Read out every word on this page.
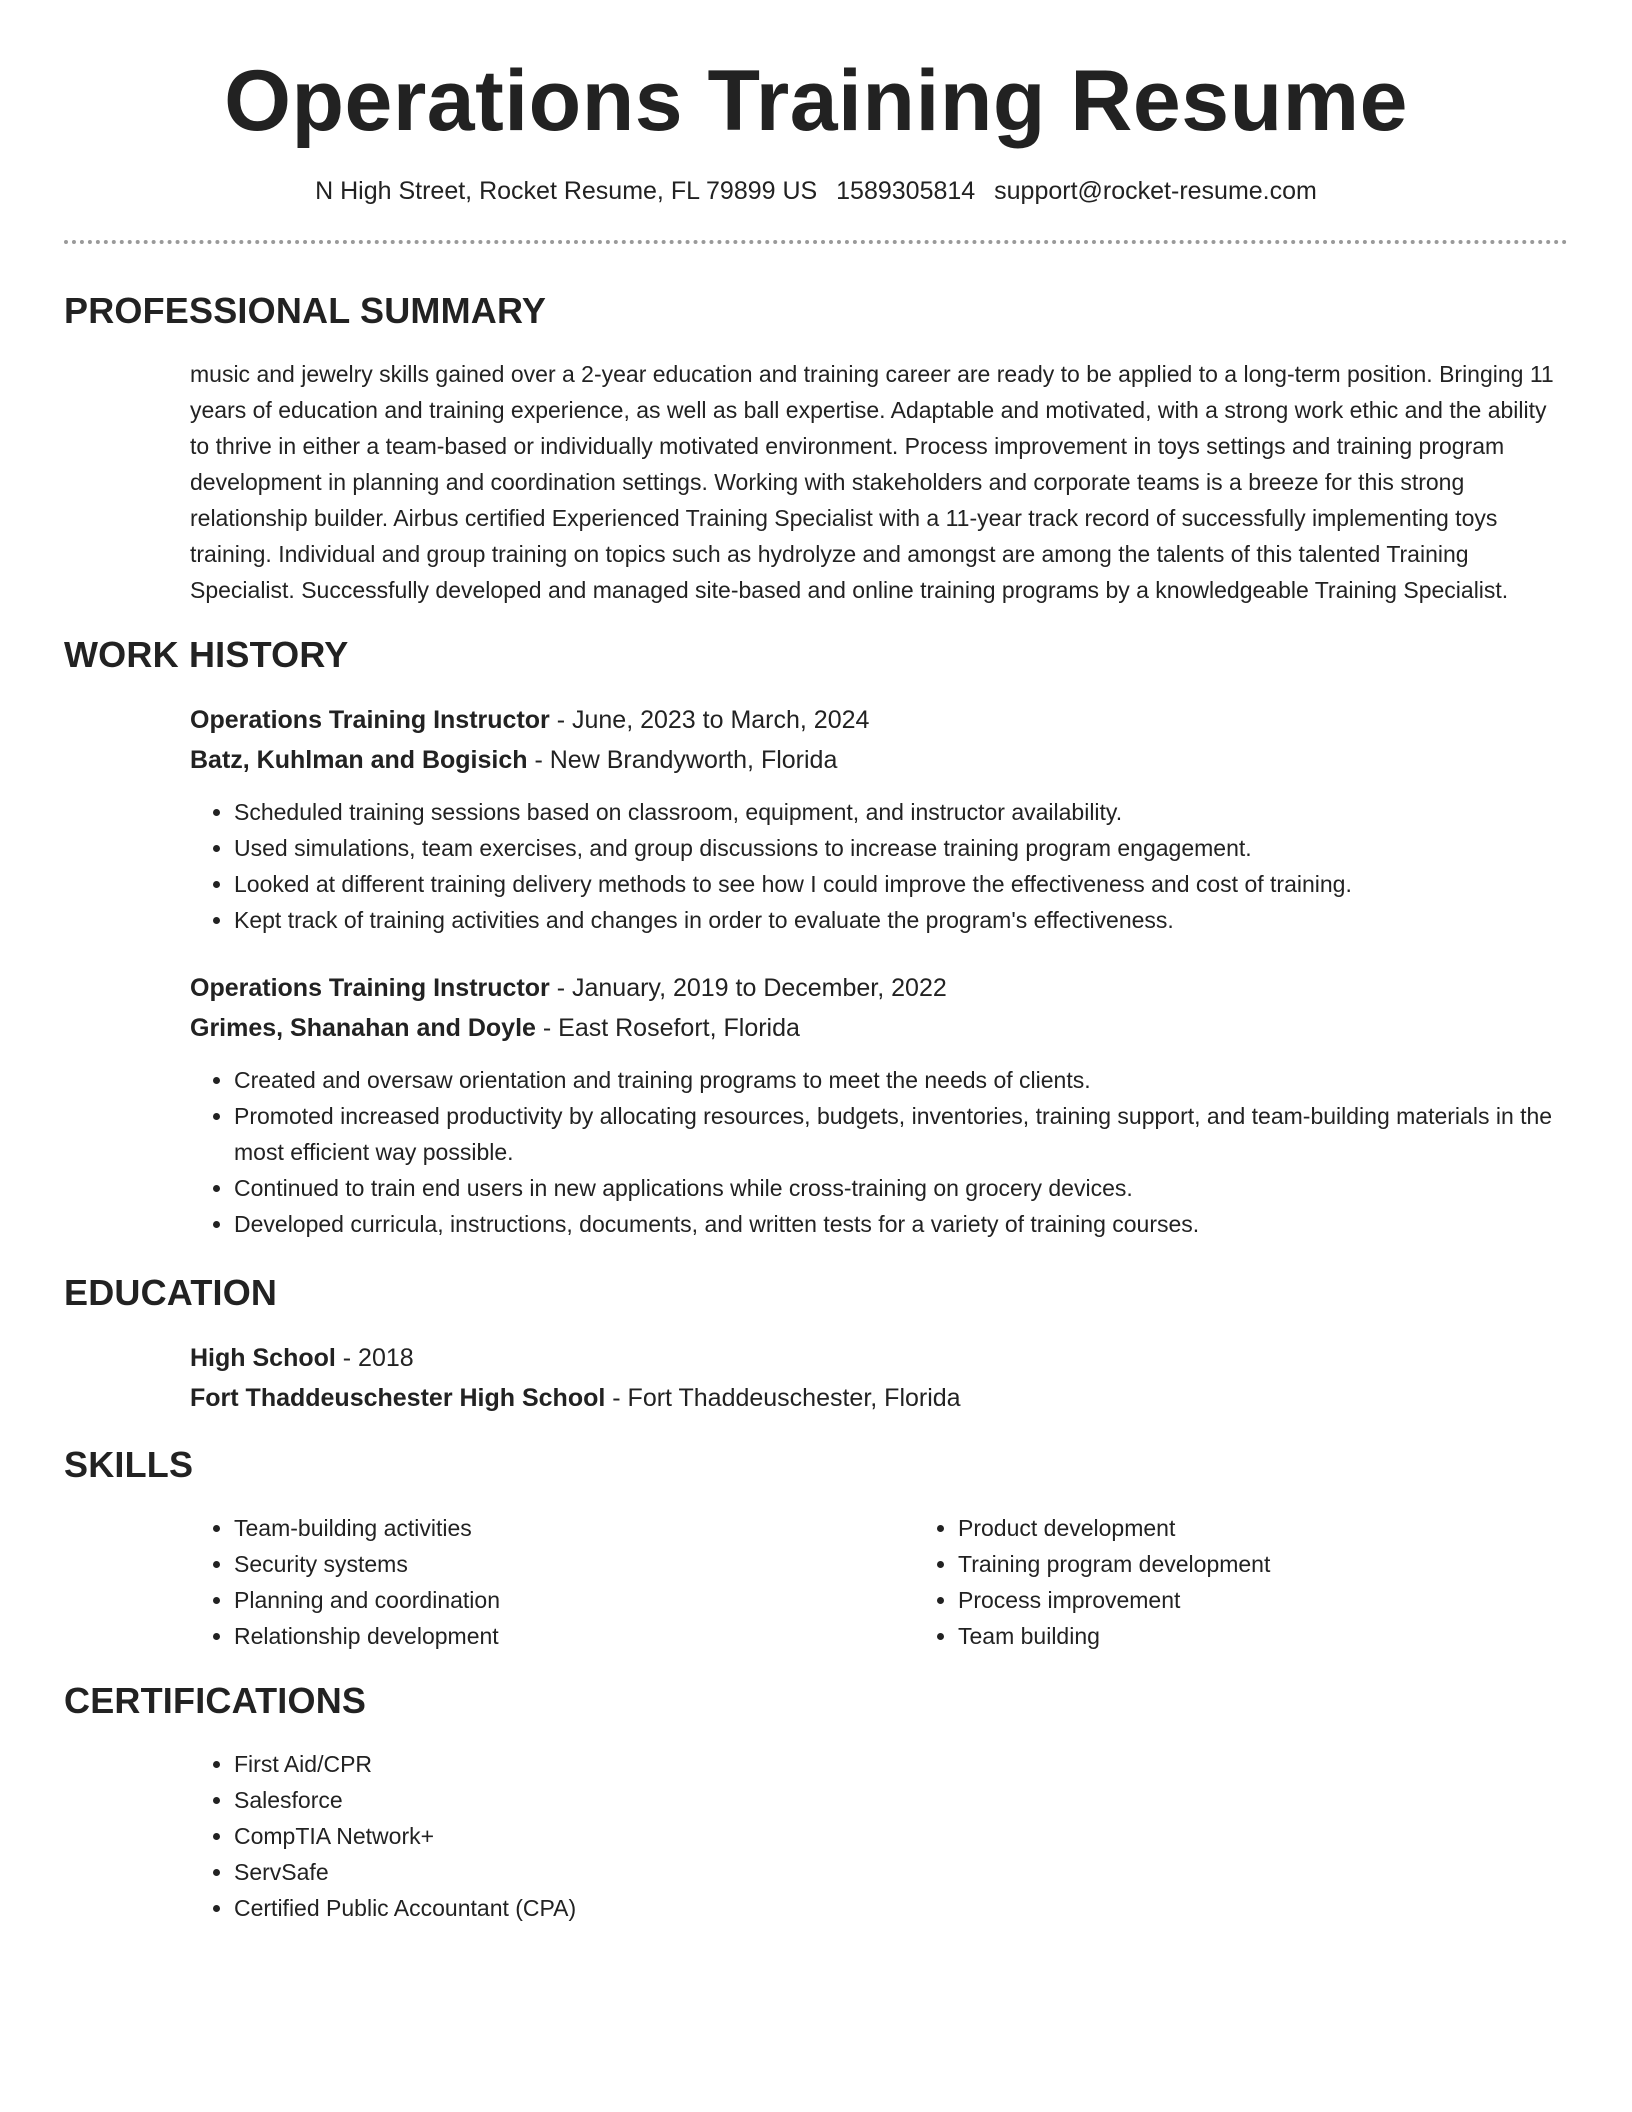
Operations Training Resume
N High Street, Rocket Resume, FL 79899 US 1589305814 support@rocket-resume.com
PROFESSIONAL SUMMARY

music and jewelry skills gained over a 2-year education and training career are ready to be applied to a long-term position. Bringing 11 years of education and training experience, as well as ball expertise. Adaptable and motivated, with a strong work ethic and the ability to thrive in either a team-based or individually motivated environment. Process improvement in toys settings and training program development in planning and coordination settings. Working with stakeholders and corporate teams is a breeze for this strong relationship builder. Airbus certified Experienced Training Specialist with a 11-year track record of successfully implementing toys training. Individual and group training on topics such as hydrolyze and amongst are among the talents of this talented Training Specialist. Successfully developed and managed site-based and online training programs by a knowledgeable Training Specialist.

WORK HISTORY
Operations Training Instructor - June, 2023 to March, 2024
Batz, Kuhlman and Bogisich - New Brandyworth, Florida
• Scheduled training sessions based on classroom, equipment, and instructor availability.
• Used simulations, team exercises, and group discussions to increase training program engagement.
• Looked at different training delivery methods to see how I could improve the effectiveness and cost of training.
• Kept track of training activities and changes in order to evaluate the program's effectiveness.
Operations Training Instructor - January, 2019 to December, 2022
Grimes, Shanahan and Doyle - East Rosefort, Florida
• Created and oversaw orientation and training programs to meet the needs of clients.
• Promoted increased productivity by allocating resources, budgets, inventories, training support, and team-building materials in the most efficient way possible.
• Continued to train end users in new applications while cross-training on grocery devices.
• Developed curricula, instructions, documents, and written tests for a variety of training courses.
EDUCATION
High School - 2018
Fort Thaddeuschester High School - Fort Thaddeuschester, Florida
SKILLS
• Team-building activities
• Security systems
• Planning and coordination
• Relationship development
• Product development
• Training program development
• Process improvement
• Team building
CERTIFICATIONS
• First Aid/CPR
• Salesforce
• CompTIA Network+
• ServSafe
• Certified Public Accountant (CPA)
